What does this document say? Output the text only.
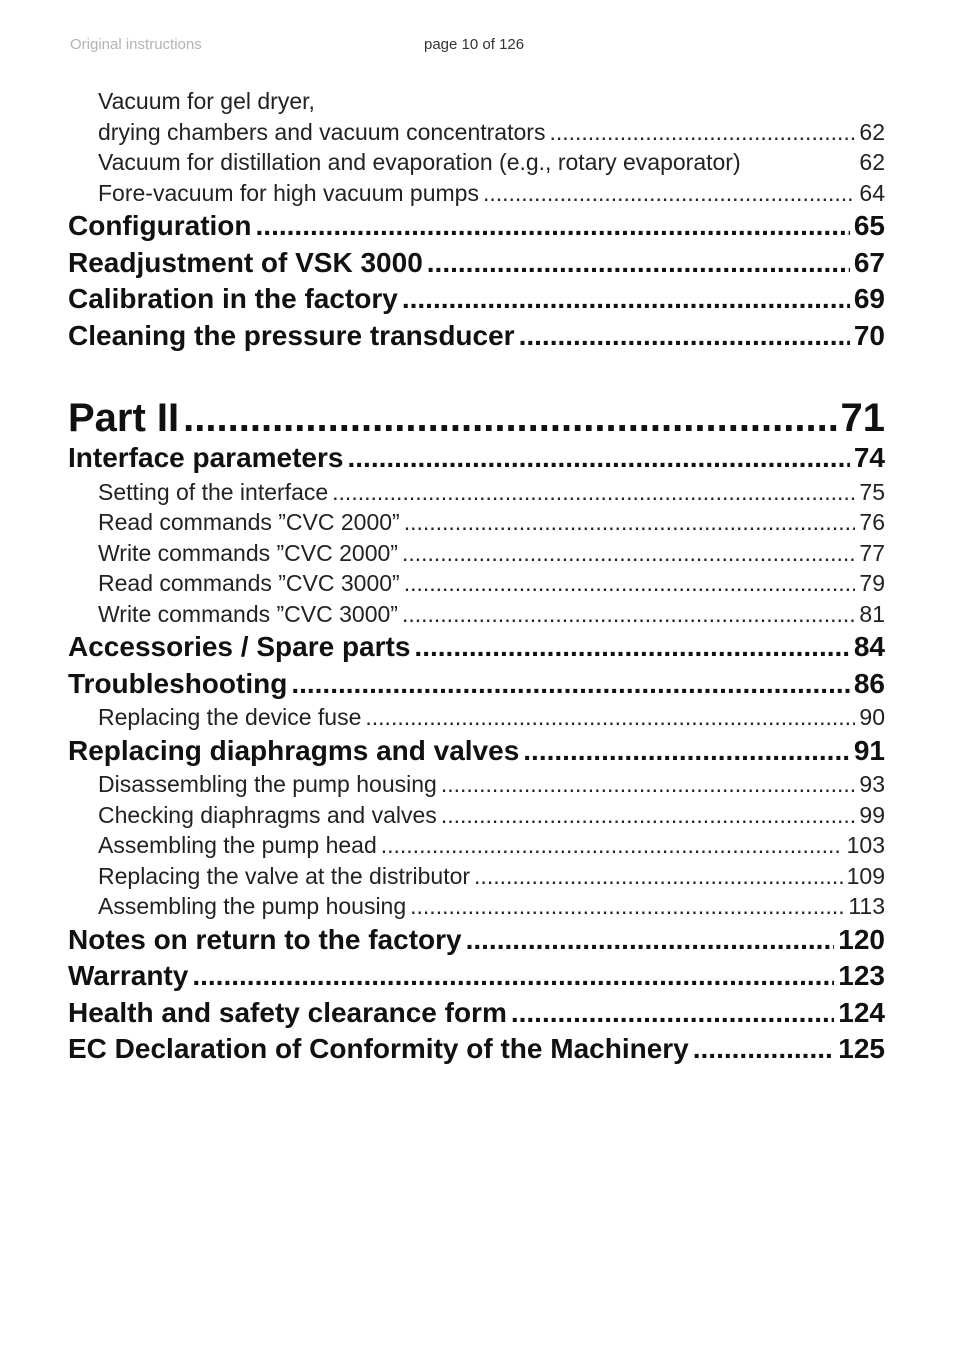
Original instructions	page 10 of 126
Vacuum for gel dryer,
drying chambers and vacuum concentrators .....	62
Vacuum for distillation and evaporation (e.g., rotary evaporator)	62
Fore-vacuum for high vacuum pumps .....	64
Configuration .....	65
Readjustment of VSK 3000 .....	67
Calibration in the factory .....	69
Cleaning the pressure transducer .....	70
Part II .....	71
Interface parameters .....	74
Setting of the interface .....	75
Read commands ”CVC 2000” .....	76
Write commands ”CVC 2000” .....	77
Read commands ”CVC 3000” .....	79
Write commands ”CVC 3000” .....	81
Accessories / Spare parts .....	84
Troubleshooting .....	86
Replacing the device fuse .....	90
Replacing diaphragms and valves .....	91
Disassembling the pump housing .....	93
Checking diaphragms and valves .....	99
Assembling the pump head .....	103
Replacing the valve at the distributor .....	109
Assembling the pump housing .....	113
Notes on return to the factory .....	120
Warranty .....	123
Health and safety clearance form .....	124
EC Declaration of Conformity of the Machinery .....	125
